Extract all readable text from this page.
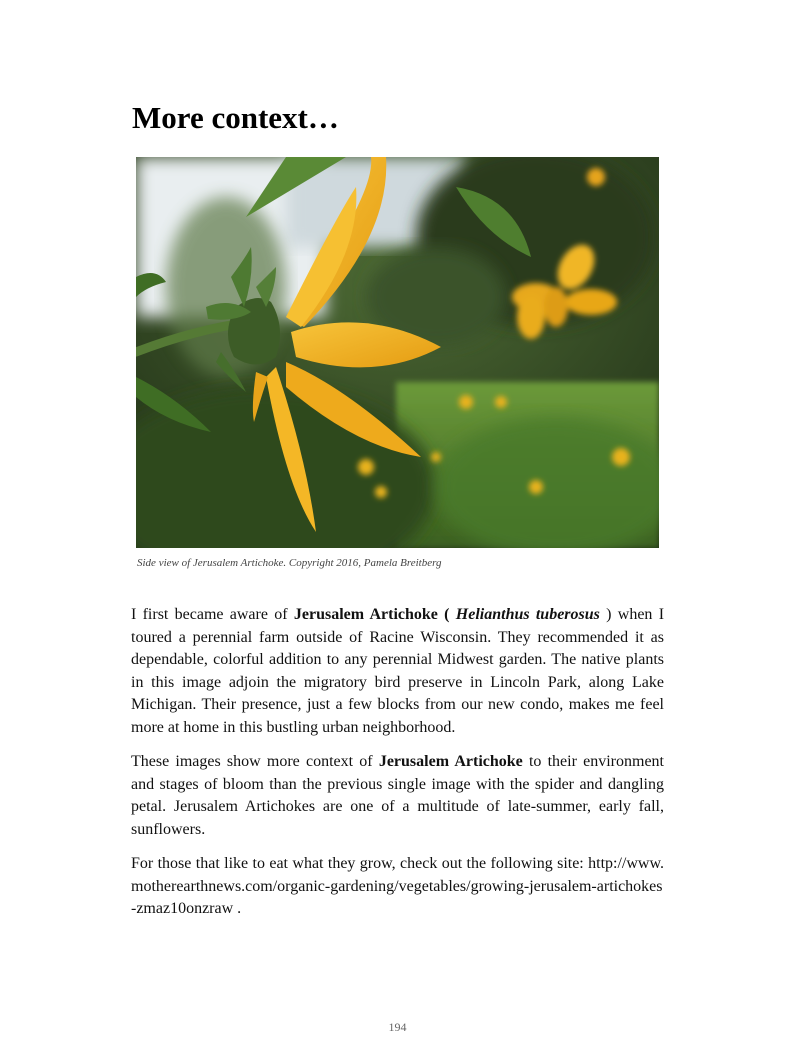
More context…
Side view of Jerusalem Artichoke. Copyright 2016, Pamela Breitberg

I first became aware of Jerusalem Artichoke ( Helianthus tuberosus ) when I toured a perennial farm outside of Racine Wisconsin. They recommended it as dependable, colorful addition to any perennial Midwest garden. The native plants in this image adjoin the migratory bird preserve in Lincoln Park, along Lake Michigan. Their presence, just a few blocks from our new condo, makes me feel more at home in this bustling urban neighborhood.

These images show more context of Jerusalem Artichoke to their environment and stages of bloom than the previous single image with the spider and dangling petal. Jerusalem Artichokes are one of a multitude of late-summer, early fall, sunflowers.

For those that like to eat what they grow, check out the following site: http://www.motherearthnews.com/organic-gardening/vegetables/growing-jerusalem-artichokes-zmaz10onzraw .

194
